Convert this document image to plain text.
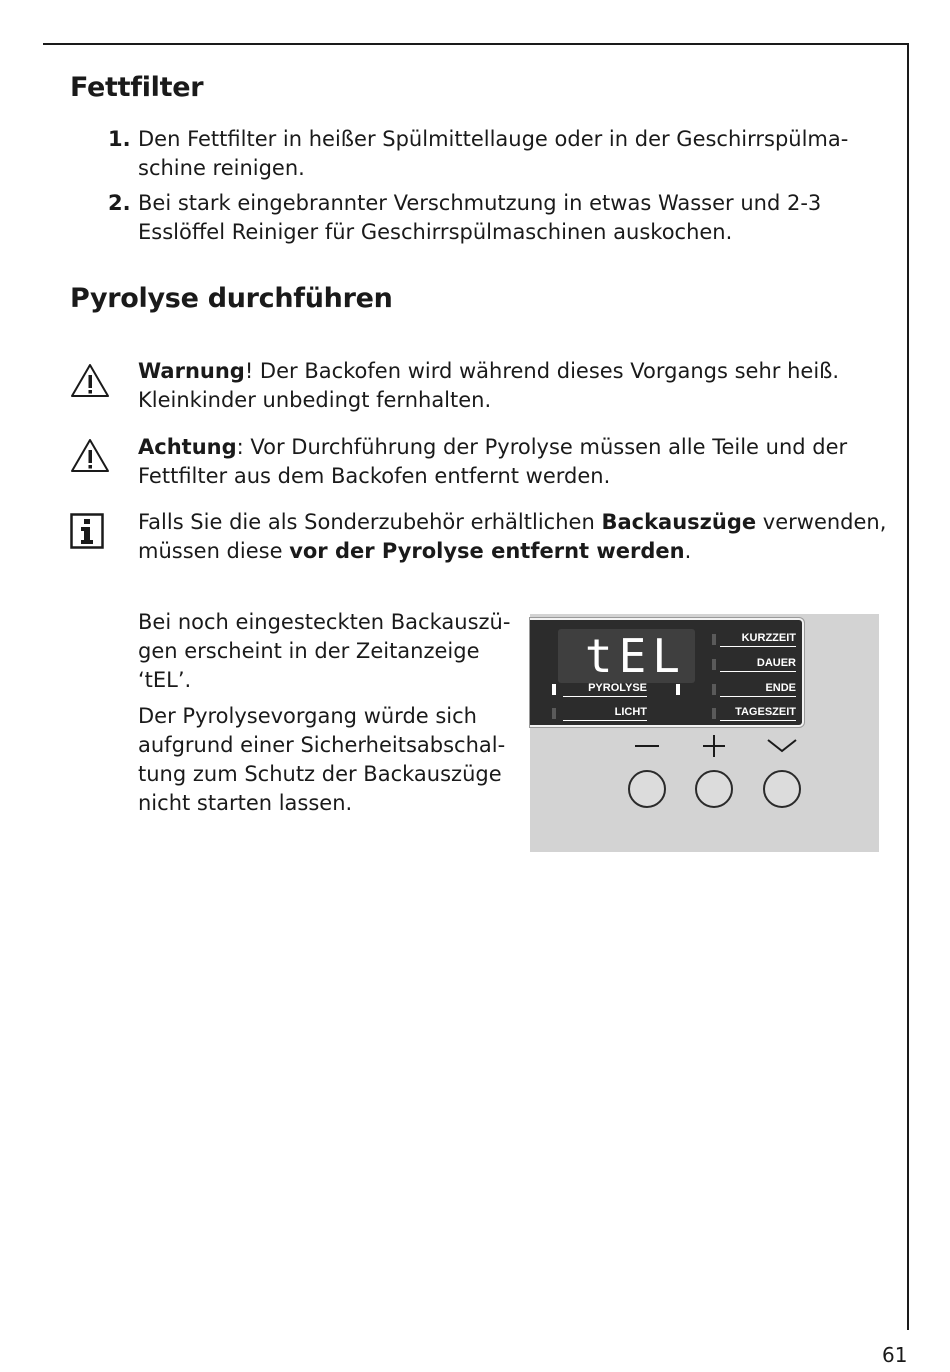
Fettfilter
1. Den Fettfilter in heißer Spülmittellauge oder in der Geschirrspülma- schine reinigen.
2. Bei stark eingebrannter Verschmutzung in etwas Wasser und 2-3 Esslöffel Reiniger für Geschirrspülmaschinen auskochen.
Pyrolyse durchführen
Warnung! Der Backofen wird während dieses Vorgangs sehr heiß. Kleinkinder unbedingt fernhalten.
Achtung: Vor Durchführung der Pyrolyse müssen alle Teile und der Fettfilter aus dem Backofen entfernt werden.
Falls Sie die als Sonderzubehör erhältlichen Backauszüge verwenden, müssen diese vor der Pyrolyse entfernt werden.

Bei noch eingesteckten Backauszü- gen erscheint in der Zeitanzeige ‘tEL’.

Der Pyrolysevorgang würde sich aufgrund einer Sicherheitsabschal- tung zum Schutz der Backauszüge nicht starten lassen.

tEL	KURZZEIT
DAUER
PYROLYSE	ENDE
LICHT	TAGESZEIT
61
